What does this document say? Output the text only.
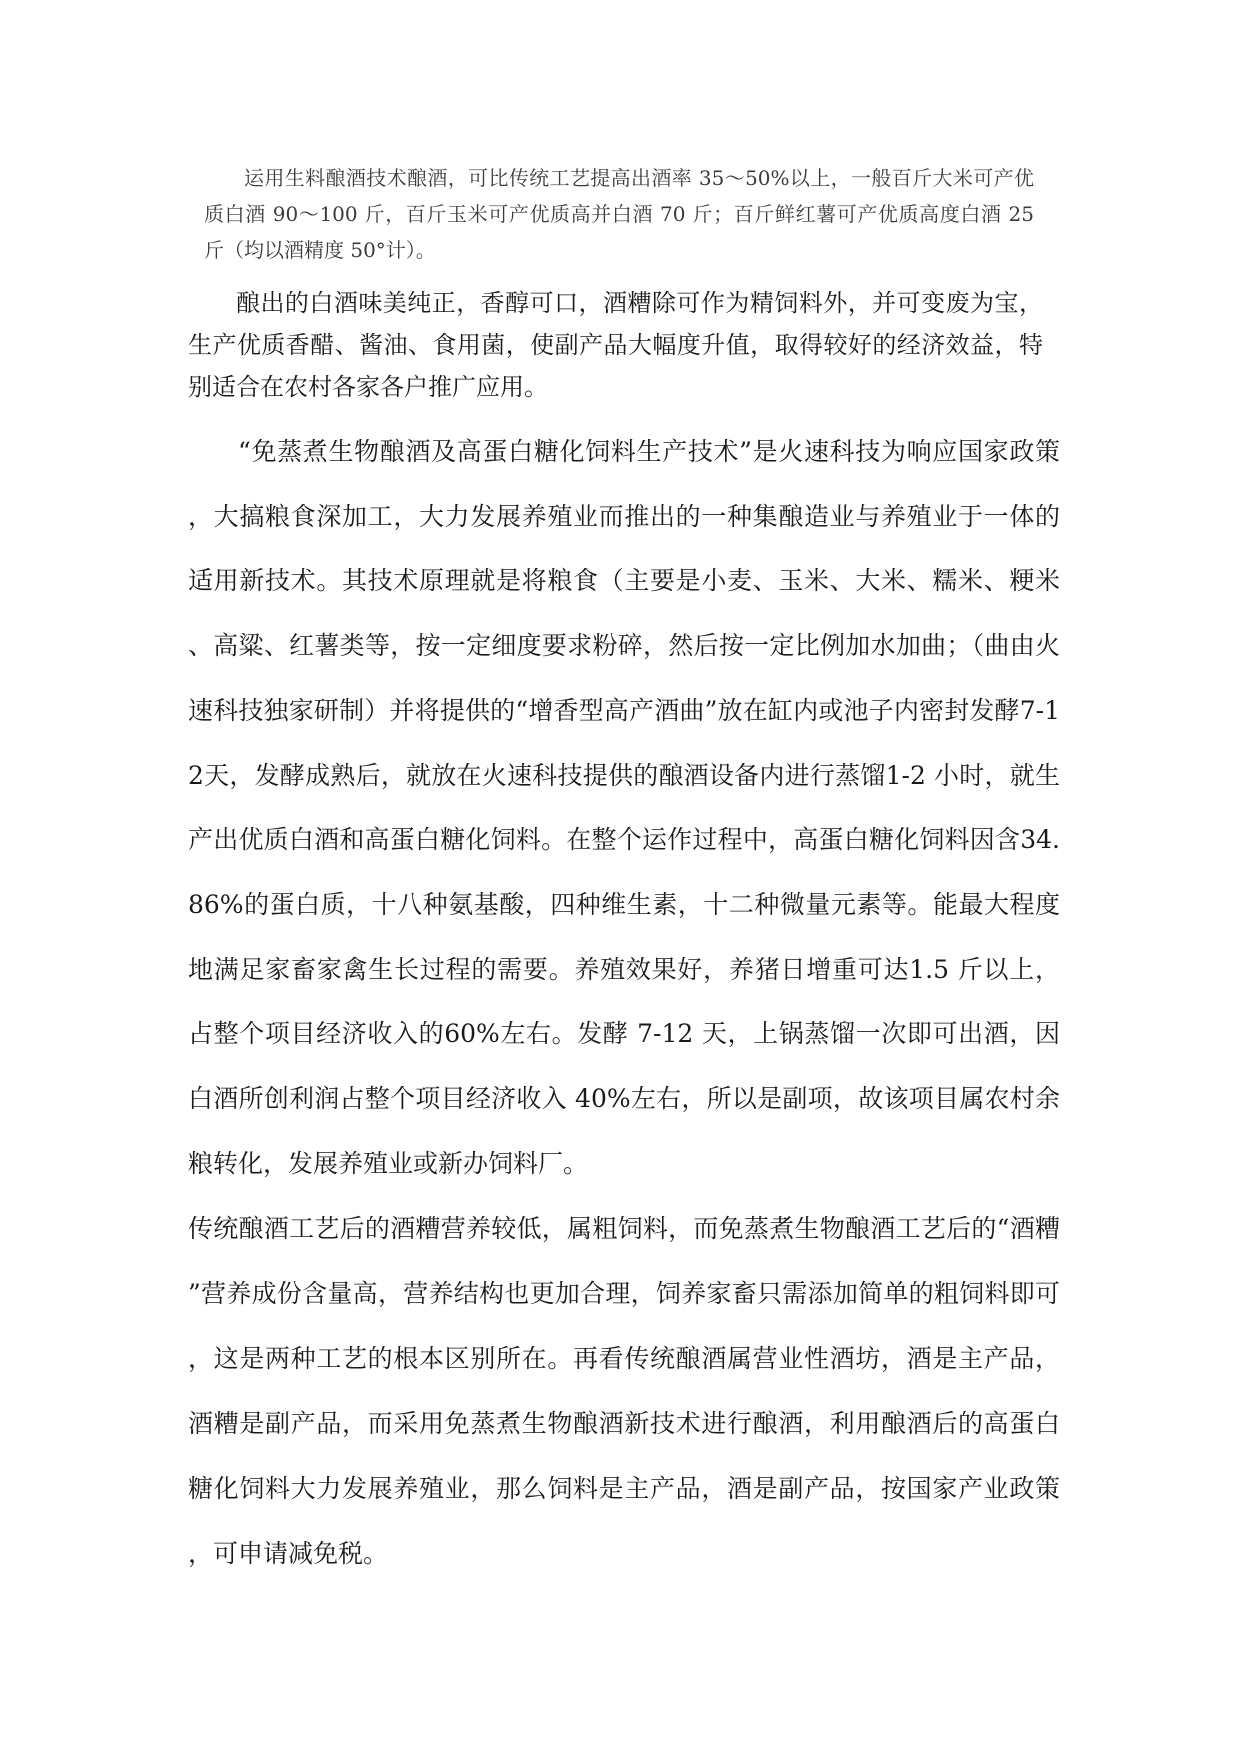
运用生料酿酒技术酿酒，可比传统工艺提高出酒率 35～50%以上，一般百斤大米可产优质白酒 90～100 斤，百斤玉米可产优质高并白酒 70 斤；百斤鲜红薯可产优质高度白酒 25 斤（均以酒精度 50°计）。

酿出的白酒味美纯正，香醇可口，酒糟除可作为精饲料外，并可变废为宝，生产优质香醋、酱油、食用菌，使副产品大幅度升值，取得较好的经济效益，特别适合在农村各家各户推广应用。

“免蒸煮生物酿酒及高蛋白糖化饲料生产技术”是火速科技为响应国家政策，大搞粮食深加工，大力发展养殖业而推出的一种集酿造业与养殖业于一体的适用新技术。其技术原理就是将粮食（主要是小麦、玉米、大米、糯米、粳米、高粱、红薯类等，按一定细度要求粉碎，然后按一定比例加水加曲；（曲由火速科技独家研制）并将提供的“增香型高产酒曲”放在缸内或池子内密封发酵7-12天，发酵成熟后，就放在火速科技提供的酿酒设备内进行蒸馏1-2 小时，就生产出优质白酒和高蛋白糖化饲料。在整个运作过程中，高蛋白糖化饲料因含34.86%的蛋白质，十八种氨基酸，四种维生素，十二种微量元素等。能最大程度地满足家畜家禽生长过程的需要。养殖效果好，养猪日增重可达1.5 斤以上，占整个项目经济收入的60%左右。发酵 7-12 天，上锅蒸馏一次即可出酒，因白酒所创利润占整个项目经济收入 40%左右，所以是副项，故该项目属农村余粮转化，发展养殖业或新办饲料厂。

传统酿酒工艺后的酒糟营养较低，属粗饲料，而免蒸煮生物酿酒工艺后的“酒糟”营养成份含量高，营养结构也更加合理，饲养家畜只需添加简单的粗饲料即可，这是两种工艺的根本区别所在。再看传统酿酒属营业性酒坊，酒是主产品，酒糟是副产品，而采用免蒸煮生物酿酒新技术进行酿酒，利用酿酒后的高蛋白糖化饲料大力发展养殖业，那么饲料是主产品，酒是副产品，按国家产业政策，可申请减免税。
